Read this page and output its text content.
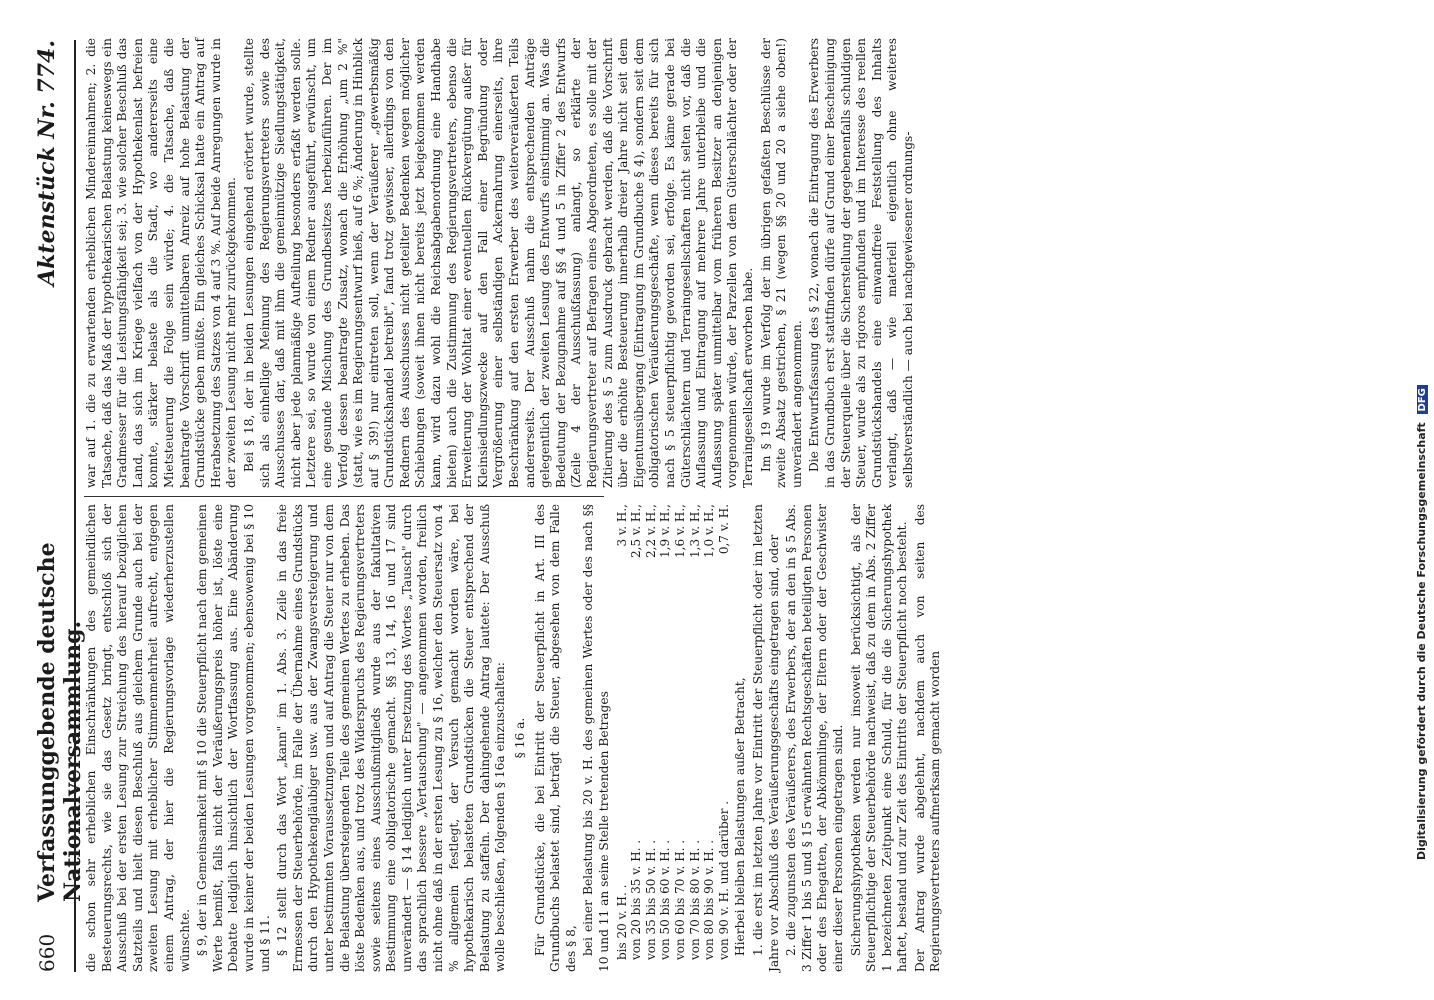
660
Verfassunggebende deutsche Nationalversammlung.
Aktenstück Nr. 774.

die schon sehr erheblichen Einschränkungen des gemeindlichen Besteuerungsrechts, wie sie das Gesetz bringt, entschloß sich der Ausschuß bei der ersten Lesung zur Streichung des hierauf bezüglichen Satzteils und hielt diesen Beschluß aus gleichem Grunde auch bei der zweiten Lesung mit erheblicher Stimmenmehrheit aufrecht, entgegen einem Antrag, der hier die Regierungsvorlage wiederherzustellen wünschte. § 9, der in Gemeinsamkeit mit § 10 die Steuerpflicht nach dem gemeinen Werte bemißt, falls nicht der Veräußerungspreis höher ist, löste eine Debatte lediglich hinsichtlich der Wortfassung aus. Eine Abänderung wurde in keiner der beiden Lesungen vorgenommen; ebensowenig bei § 10 und § 11. § 12 stellt durch das Wort „kann" im 1. Abs. 3. Zeile in das freie Ermessen der Steuerbehörde, im Falle der Übernahme eines Grundstücks durch den Hypothekengläubiger usw. aus der Zwangsversteigerung und unter bestimmten Voraussetzungen und auf Antrag die Steuer nur von dem die Belastung übersteigenden Teile des gemeinen Wertes zu erheben. Das löste Bedenken aus, und trotz des Widerspruchs des Regierungsvertreters sowie seitens eines Ausschußmitglieds wurde aus der fakultativen Bestimmung eine obligatorische gemacht. §§ 13, 14, 16 und 17 sind unverändert — § 14 lediglich unter Ersetzung des Wortes „Tausch" durch das sprachlich bessere „Vertauschung" — angenommen worden, freilich nicht ohne daß in der ersten Lesung zu § 16, welcher den Steuersatz von 4 % allgemein festlegt, der Versuch gemacht worden wäre, bei hypothekarisch belasteten Grundstücken die Steuer entsprechend der Belastung zu staffeln. Der dahingehende Antrag lautete: Der Ausschuß wolle beschließen, folgenden § 16a einzuschalten: § 16 a. Für Grundstücke, die bei Eintritt der Steuerpflicht in Art. III des Grundbuchs belastet sind, beträgt die Steuer, abgesehen von dem Falle des § 8, bei einer Belastung bis 20 v. H. des gemeinen Wertes oder des nach §§ 10 und 11 an seine Stelle tretenden Betrages bis 20 v. H. .	3 v. H.,
von 20 bis 35 v. H. .	2,5 v. H.,
von 35 bis 50 v. H. .	2,2 v. H.,
von 50 bis 60 v. H. .	1,9 v. H.,
von 60 bis 70 v. H. .	1,6 v. H.,
von 70 bis 80 v. H. .	1,3 v. H.,
von 80 bis 90 v. H. .	1,0 v. H.,
von 90 v. H. und darüber .	0,7 v. H.

Hierbei bleiben Belastungen außer Betracht, 1. die erst im letzten Jahre vor Eintritt der Steuerpflicht oder im letzten Jahre vor Abschluß des Veräußerungsgeschäfts eingetragen sind, oder 2. die zugunsten des Veräußerers, des Erwerbers, der an den in § 5 Abs. 3 Ziffer 1 bis 5 und § 15 erwähnten Rechtsgeschäften beteiligten Personen oder des Ehegatten, der Abkömmlinge, der Eltern oder der Geschwister einer dieser Personen eingetragen sind. Sicherungshypotheken werden nur insoweit berücksichtigt, als der Steuerpflichtige der Steuerbehörde nachweist, daß zu dem in Abs. 2 Ziffer 1 bezeichneten Zeitpunkt eine Schuld, für die die Sicherungshypothek haftet, bestand und zur Zeit des Eintritts der Steuerpflicht noch besteht. Der Antrag wurde abgelehnt, nachdem auch von seiten des Regierungsvertreters aufmerksam gemacht worden

war auf 1. die zu erwartenden erheblichen Mindereinnahmen; 2. die Tatsache, daß das Maß der hypothekarischen Belastung keineswegs ein Gradmesser für die Leistungsfähigkeit sei; 3. wie solcher Beschluß das Land, das sich im Kriege vielfach von der Hypothekenlast befreien konnte, stärker belaste als die Stadt, wo andererseits eine Mietsteuerung die Folge sein würde; 4. die Tatsache, daß die beantragte Vorschrift unmittelbaren Anreiz auf hohe Belastung der Grundstücke geben müßte. Ein gleiches Schicksal hatte ein Antrag auf Herabsetzung des Satzes von 4 auf 3 %. Auf beide Anregungen wurde in der zweiten Lesung nicht mehr zurückgekommen. Bei § 18, der in beiden Lesungen eingehend erörtert wurde, stellte sich als einhellige Meinung des Regierungsvertreters sowie des Ausschusses dar, daß mit ihm die gemeinnützige Siedlungstätigkeit, nicht aber jede planmäßige Aufteilung besonders erfaßt werden solle. Letztere sei, so wurde von einem Redner ausgeführt, erwünscht, um eine gesunde Mischung des Grundbesitzes herbeizuführen. Der im Verfolg dessen beantragte Zusatz, wonach die Erhöhung „um 2 %" (statt, wie es im Regierungsentwurf hieß, auf 6 %; Änderung in Hinblick auf § 39!) nur eintreten soll, wenn der Veräußerer „gewerbsmäßig Grundstückshandel betreibt", fand trotz gewisser, allerdings von den Rednern des Ausschusses nicht geteilter Bedenken wegen möglicher Schiebungen (soweit ihnen nicht bereits jetzt beigekommen werden kann, wird dazu wohl die Reichsabgabenordnung eine Handhabe bieten) auch die Zustimmung des Regierungsvertreters, ebenso die Erweiterung der Wohltat einer eventuellen Rückvergütung außer für Kleinsiedlungszwecke auf den Fall einer Begründung oder Vergrößerung einer selbständigen Ackernahrung einerseits, ihre Beschränkung auf den ersten Erwerber des weiterveräußerten Teils andererseits. Der Ausschuß nahm die entsprechenden Anträge gelegentlich der zweiten Lesung des Entwurfs einstimmig an. Was die Bedeutung der Bezugnahme auf §§ 4 und 5 in Ziffer 2 des Entwurfs (Zeile 4 der Ausschußfassung) anlangt, so erklärte der Regierungsvertreter auf Befragen eines Abgeordneten, es solle mit der Zitierung des § 5 zum Ausdruck gebracht werden, daß die Vorschrift über die erhöhte Besteuerung innerhalb dreier Jahre nicht seit dem Eigentumsübergang (Eintragung im Grundbuche § 4), sondern seit dem obligatorischen Veräußerungsgeschäfte, wenn dieses bereits für sich nach § 5 steuerpflichtig geworden sei, erfolge. Es käme gerade bei Güterschlächtern und Terraingesellschaften nicht selten vor, daß die Auflassung und Eintragung auf mehrere Jahre unterbleibe und die Auflassung später unmittelbar vom früheren Besitzer an denjenigen vorgenommen würde, der Parzellen von dem Güterschlächter oder der Terraingesellschaft erworben habe. Im § 19 wurde im Verfolg der im übrigen gefaßten Beschlüsse der zweite Absatz gestrichen, § 21 (wegen §§ 20 und 20 a siehe oben!) unverändert angenommen. Die Entwurfsfassung des § 22, wonach die Eintragung des Erwerbers in das Grundbuch erst stattfinden dürfe auf Grund einer Bescheinigung der Steuerquelle über die Sicherstellung der gegebenenfalls schuldigen Steuer, wurde als zu rigoros empfunden und im Interesse des reellen Grundstückshandels eine einwandfreie Feststellung des Inhalts verlangt, daß — wie materiell eigentlich ohne weiteres selbstverständlich — auch bei nachgewiesener ordnungs-

Digitalisierung gefördert durch die Deutsche Forschungsgemeinschaft DFG
